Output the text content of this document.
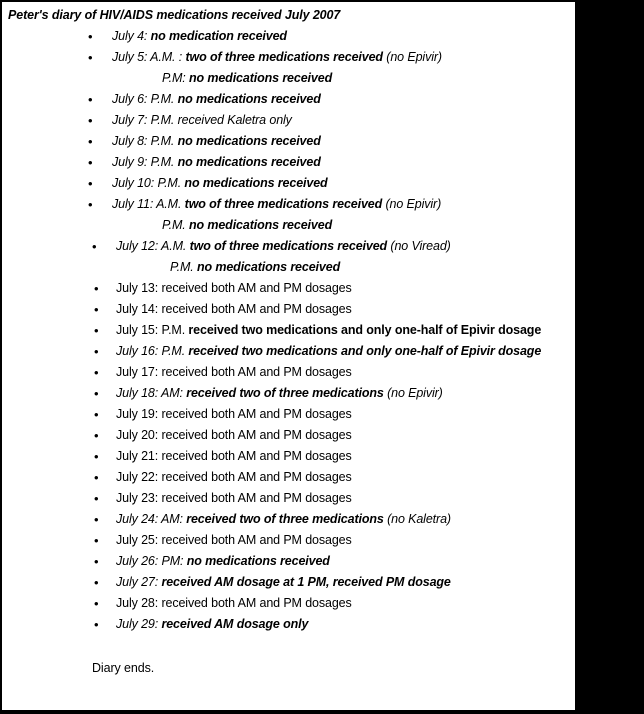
Peter's diary of HIV/AIDS medications received July 2007
•	July 4: no medication received
•	July 5: A.M. : two of three medications received (no Epivir)
P.M: no medications received
•	July 6: P.M. no medications received
•	July 7: P.M. received Kaletra only
•	July 8: P.M. no medications received
•	July 9: P.M. no medications received
•	July 10: P.M. no medications received
•	July 11: A.M. two of three medications received (no Epivir)
P.M. no medications received
•	July 12: A.M. two of three medications received (no Viread)
P.M. no medications received
•	July 13: received both AM and PM dosages
•	July 14: received both AM and PM dosages
•	July 15: P.M. received two medications and only one-half of Epivir dosage
•	July 16: P.M. received two medications and only one-half of Epivir dosage
•	July 17: received both AM and PM dosages
•	July 18: AM: received two of three medications (no Epivir)
•	July 19: received both AM and PM dosages
•	July 20: received both AM and PM dosages
•	July 21: received both AM and PM dosages
•	July 22: received both AM and PM dosages
•	July 23: received both AM and PM dosages
•	July 24: AM: received two of three medications (no Kaletra)
•	July 25: received both AM and PM dosages
•	July 26: PM: no medications received
•	July 27: received AM dosage at 1 PM, received PM dosage
•	July 28: received both AM and PM dosages
•	July 29: received AM dosage only
Diary ends.
